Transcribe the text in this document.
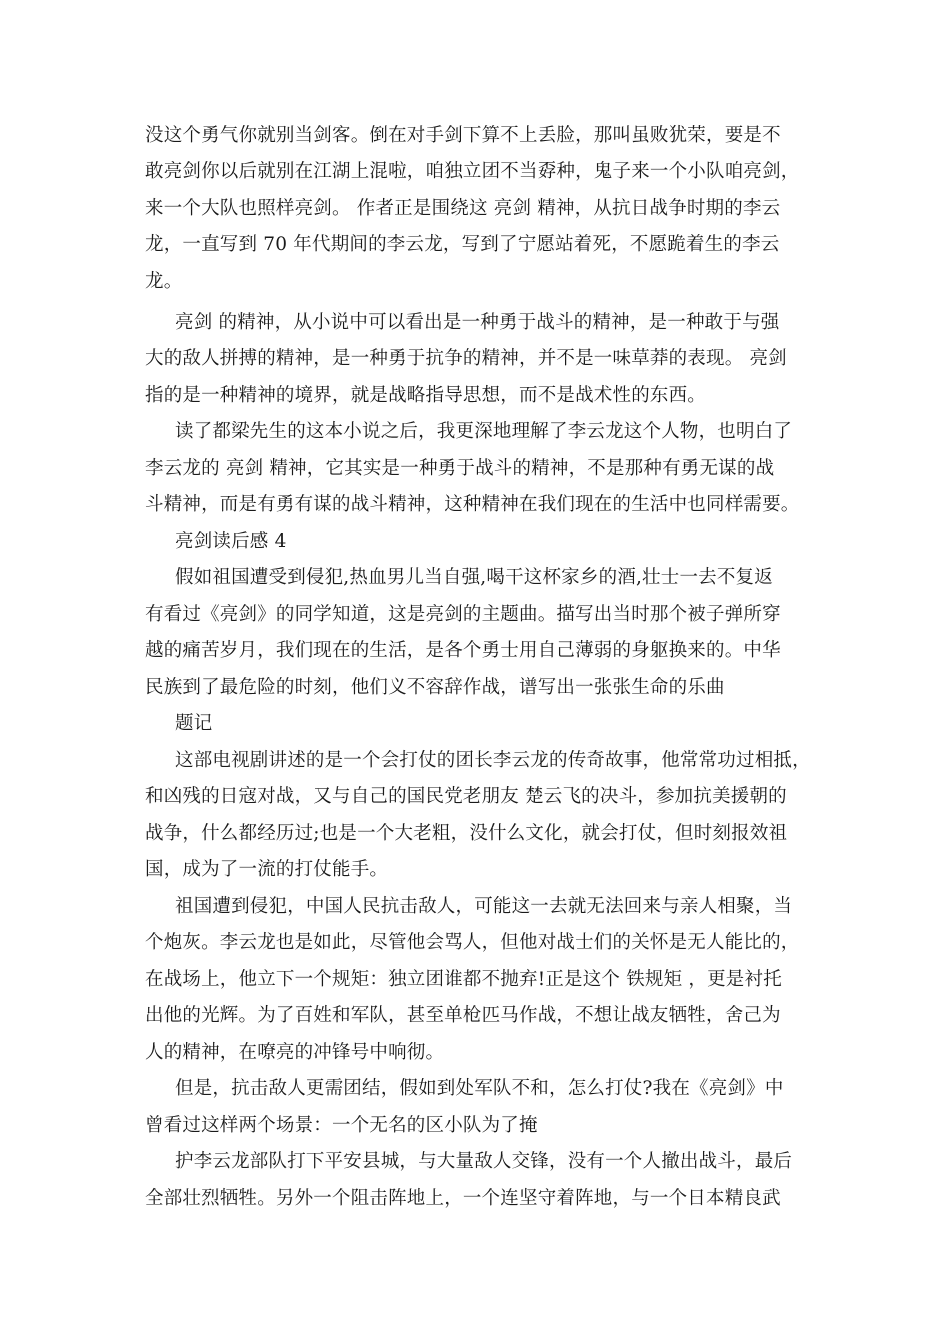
没这个勇气你就别当剑客。倒在对手剑下算不上丢脸，那叫虽败犹荣，要是不
敢亮剑你以后就别在江湖上混啦，咱独立团不当孬种，鬼子来一个小队咱亮剑，
来一个大队也照样亮剑。 作者正是围绕这 亮剑 精神，从抗日战争时期的李云
龙，一直写到 70 年代期间的李云龙，写到了宁愿站着死，不愿跪着生的李云
龙。
亮剑 的精神，从小说中可以看出是一种勇于战斗的精神，是一种敢于与强
大的敌人拼搏的精神，是一种勇于抗争的精神，并不是一味草莽的表现。 亮剑
指的是一种精神的境界，就是战略指导思想，而不是战术性的东西。
读了都梁先生的这本小说之后，我更深地理解了李云龙这个人物，也明白了
李云龙的 亮剑 精神，它其实是一种勇于战斗的精神，不是那种有勇无谋的战
斗精神，而是有勇有谋的战斗精神，这种精神在我们现在的生活中也同样需要。
亮剑读后感 4
假如祖国遭受到侵犯,热血男儿当自强,喝干这杯家乡的酒,壮士一去不复返
有看过《亮剑》的同学知道，这是亮剑的主题曲。描写出当时那个被子弹所穿
越的痛苦岁月，我们现在的生活，是各个勇士用自己薄弱的身躯换来的。中华
民族到了最危险的时刻，他们义不容辞作战，谱写出一张张生命的乐曲
题记
这部电视剧讲述的是一个会打仗的团长李云龙的传奇故事，他常常功过相抵，
和凶残的日寇对战，又与自己的国民党老朋友 楚云飞的决斗，参加抗美援朝的
战争，什么都经历过;也是一个大老粗，没什么文化，就会打仗，但时刻报效祖
国，成为了一流的打仗能手。
祖国遭到侵犯，中国人民抗击敌人，可能这一去就无法回来与亲人相聚，当
个炮灰。李云龙也是如此，尽管他会骂人，但他对战士们的关怀是无人能比的，
在战场上，他立下一个规矩：独立团谁都不抛弃!正是这个 铁规矩 ，更是衬托
出他的光辉。为了百姓和军队，甚至单枪匹马作战，不想让战友牺牲，舍己为
人的精神，在嘹亮的冲锋号中响彻。
但是，抗击敌人更需团结，假如到处军队不和，怎么打仗?我在《亮剑》中
曾看过这样两个场景：一个无名的区小队为了掩
护李云龙部队打下平安县城，与大量敌人交锋，没有一个人撤出战斗，最后
全部壮烈牺牲。另外一个阻击阵地上，一个连坚守着阵地，与一个日本精良武
